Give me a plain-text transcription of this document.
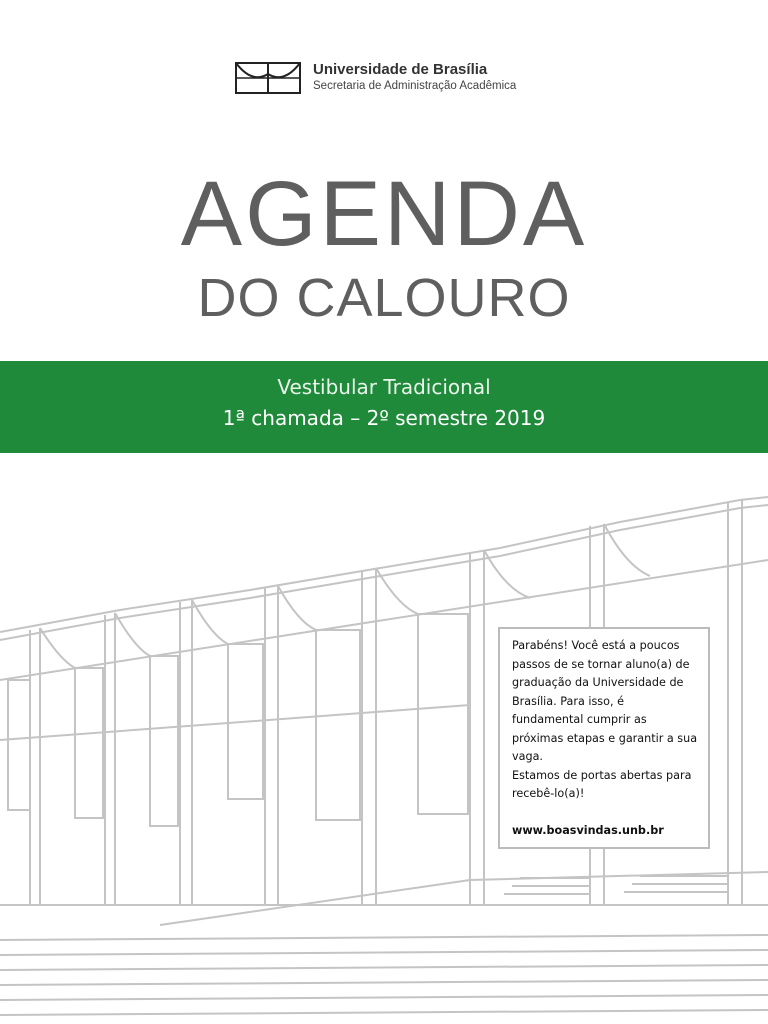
Universidade de Brasília
Secretaria de Administração Acadêmica
AGENDA
DO CALOURO
Vestibular Tradicional
1ª chamada – 2º semestre 2019

Parabéns! Você está a poucos passos de se tornar aluno(a) de graduação da Universidade de Brasília. Para isso, é fundamental cumprir as próximas etapas e garantir a sua vaga.

Estamos de portas abertas para recebê-lo(a)!

www.boasvindas.unb.br
